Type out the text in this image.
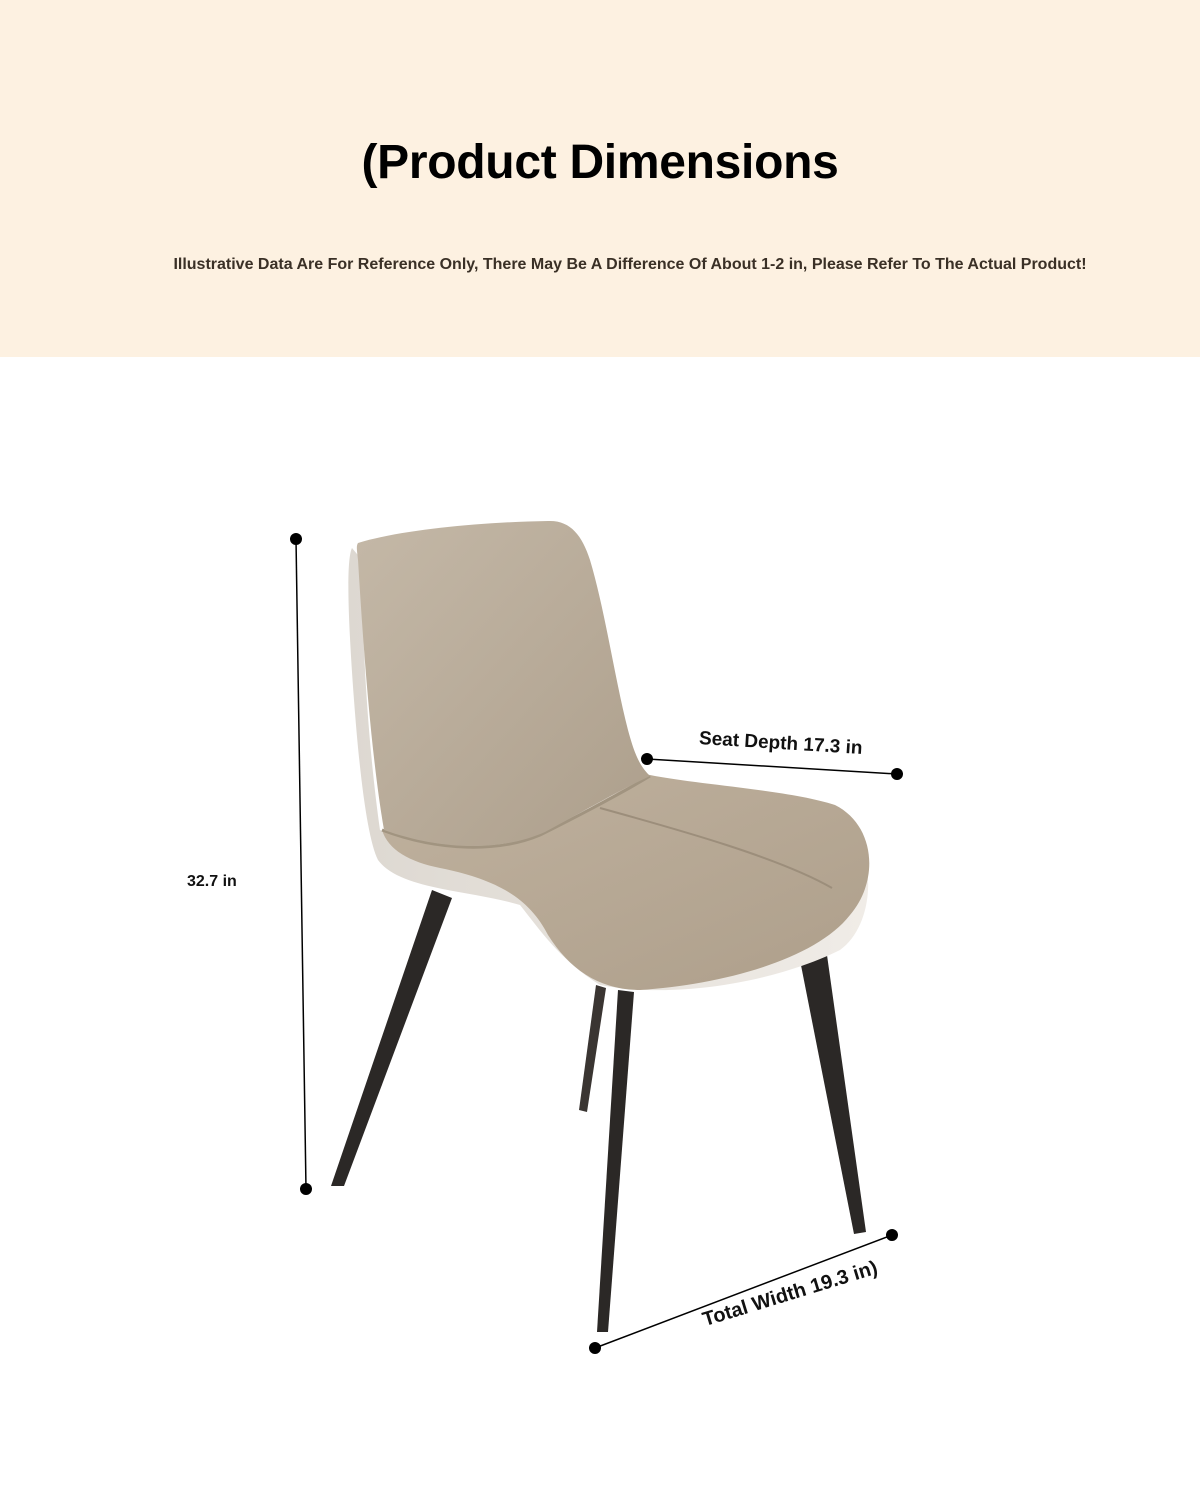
(Product Dimensions
Illustrative Data Are For Reference Only, There May Be A Difference Of About 1-2 in, Please Refer To The Actual Product!
32.7 in
Seat Depth 17.3 in
Total Width 19.3 in)
